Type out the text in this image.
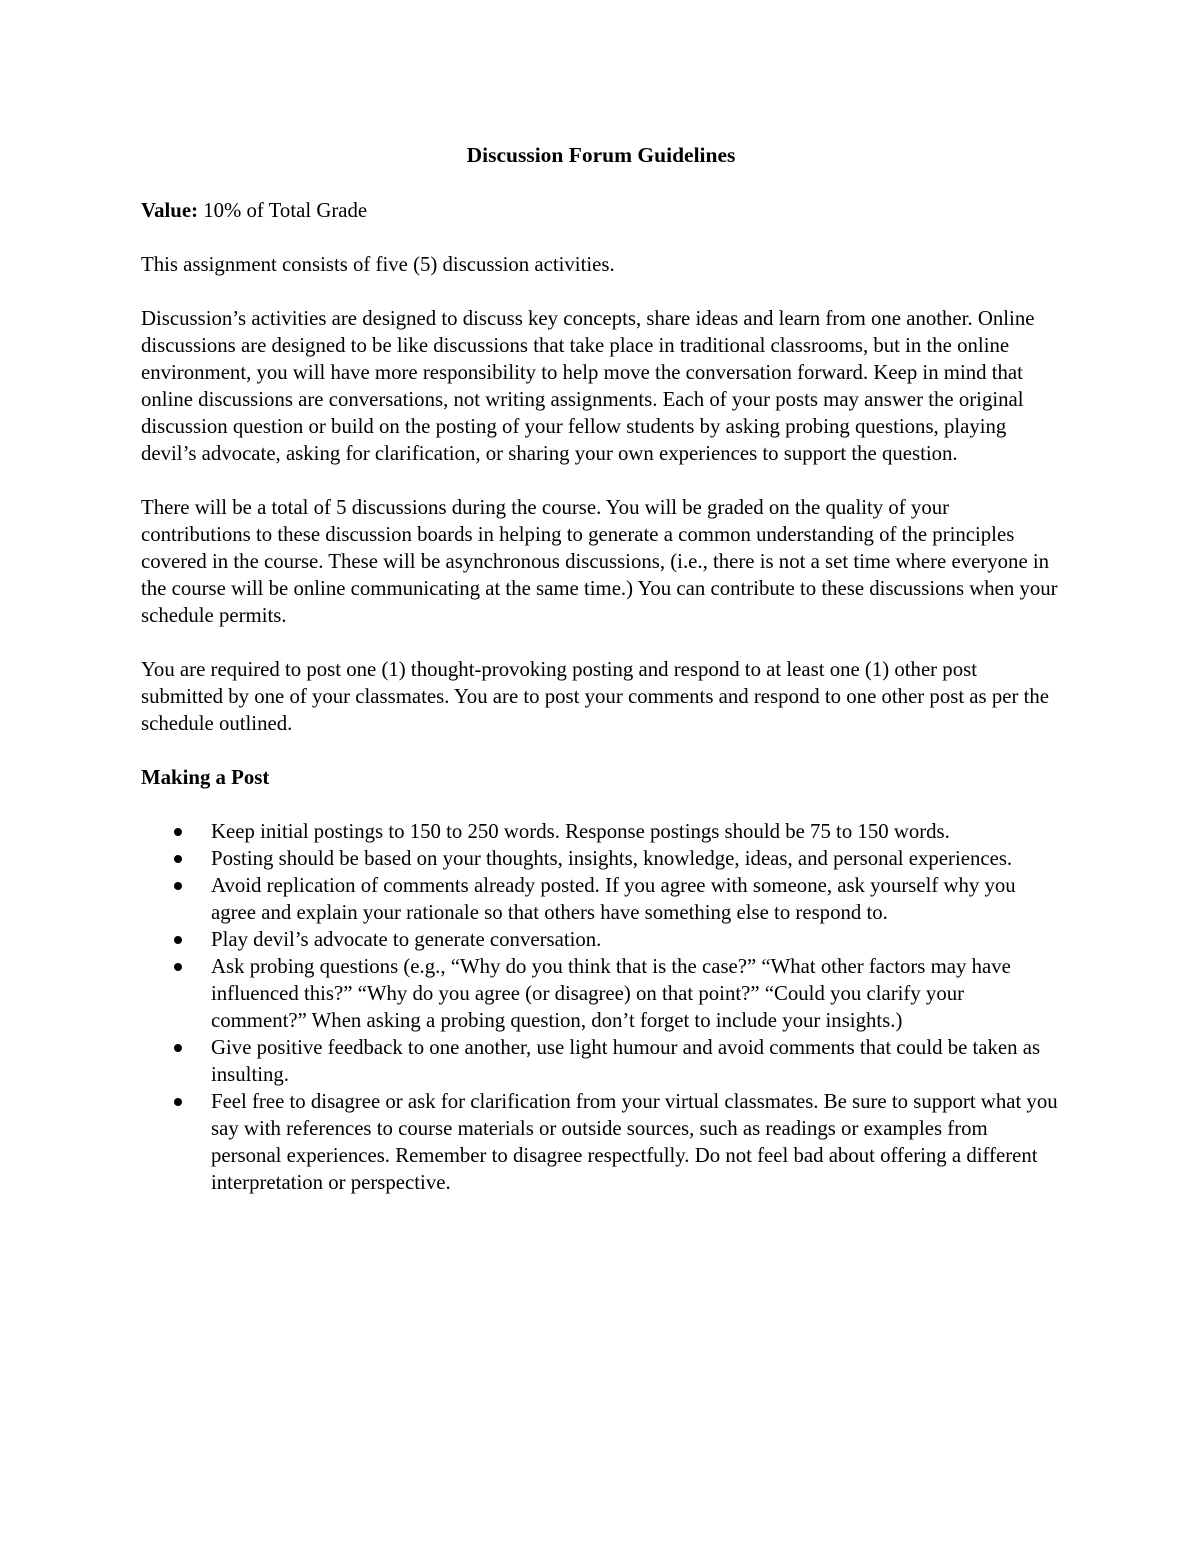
Discussion Forum Guidelines
Value: 10% of Total Grade
This assignment consists of five (5) discussion activities.
Discussion’s activities are designed to discuss key concepts, share ideas and learn from one another. Online discussions are designed to be like discussions that take place in traditional classrooms, but in the online environment, you will have more responsibility to help move the conversation forward. Keep in mind that online discussions are conversations, not writing assignments. Each of your posts may answer the original discussion question or build on the posting of your fellow students by asking probing questions, playing devil’s advocate, asking for clarification, or sharing your own experiences to support the question.
There will be a total of 5 discussions during the course. You will be graded on the quality of your contributions to these discussion boards in helping to generate a common understanding of the principles covered in the course. These will be asynchronous discussions, (i.e., there is not a set time where everyone in the course will be online communicating at the same time.) You can contribute to these discussions when your schedule permits.
You are required to post one (1) thought-provoking posting and respond to at least one (1) other post submitted by one of your classmates. You are to post your comments and respond to one other post as per the schedule outlined.
Making a Post
Keep initial postings to 150 to 250 words. Response postings should be 75 to 150 words.
Posting should be based on your thoughts, insights, knowledge, ideas, and personal experiences.
Avoid replication of comments already posted. If you agree with someone, ask yourself why you agree and explain your rationale so that others have something else to respond to.
Play devil’s advocate to generate conversation.
Ask probing questions (e.g., “Why do you think that is the case?” “What other factors may have influenced this?” “Why do you agree (or disagree) on that point?” “Could you clarify your comment?” When asking a probing question, don’t forget to include your insights.)
Give positive feedback to one another, use light humour and avoid comments that could be taken as insulting.
Feel free to disagree or ask for clarification from your virtual classmates. Be sure to support what you say with references to course materials or outside sources, such as readings or examples from personal experiences. Remember to disagree respectfully. Do not feel bad about offering a different interpretation or perspective.
